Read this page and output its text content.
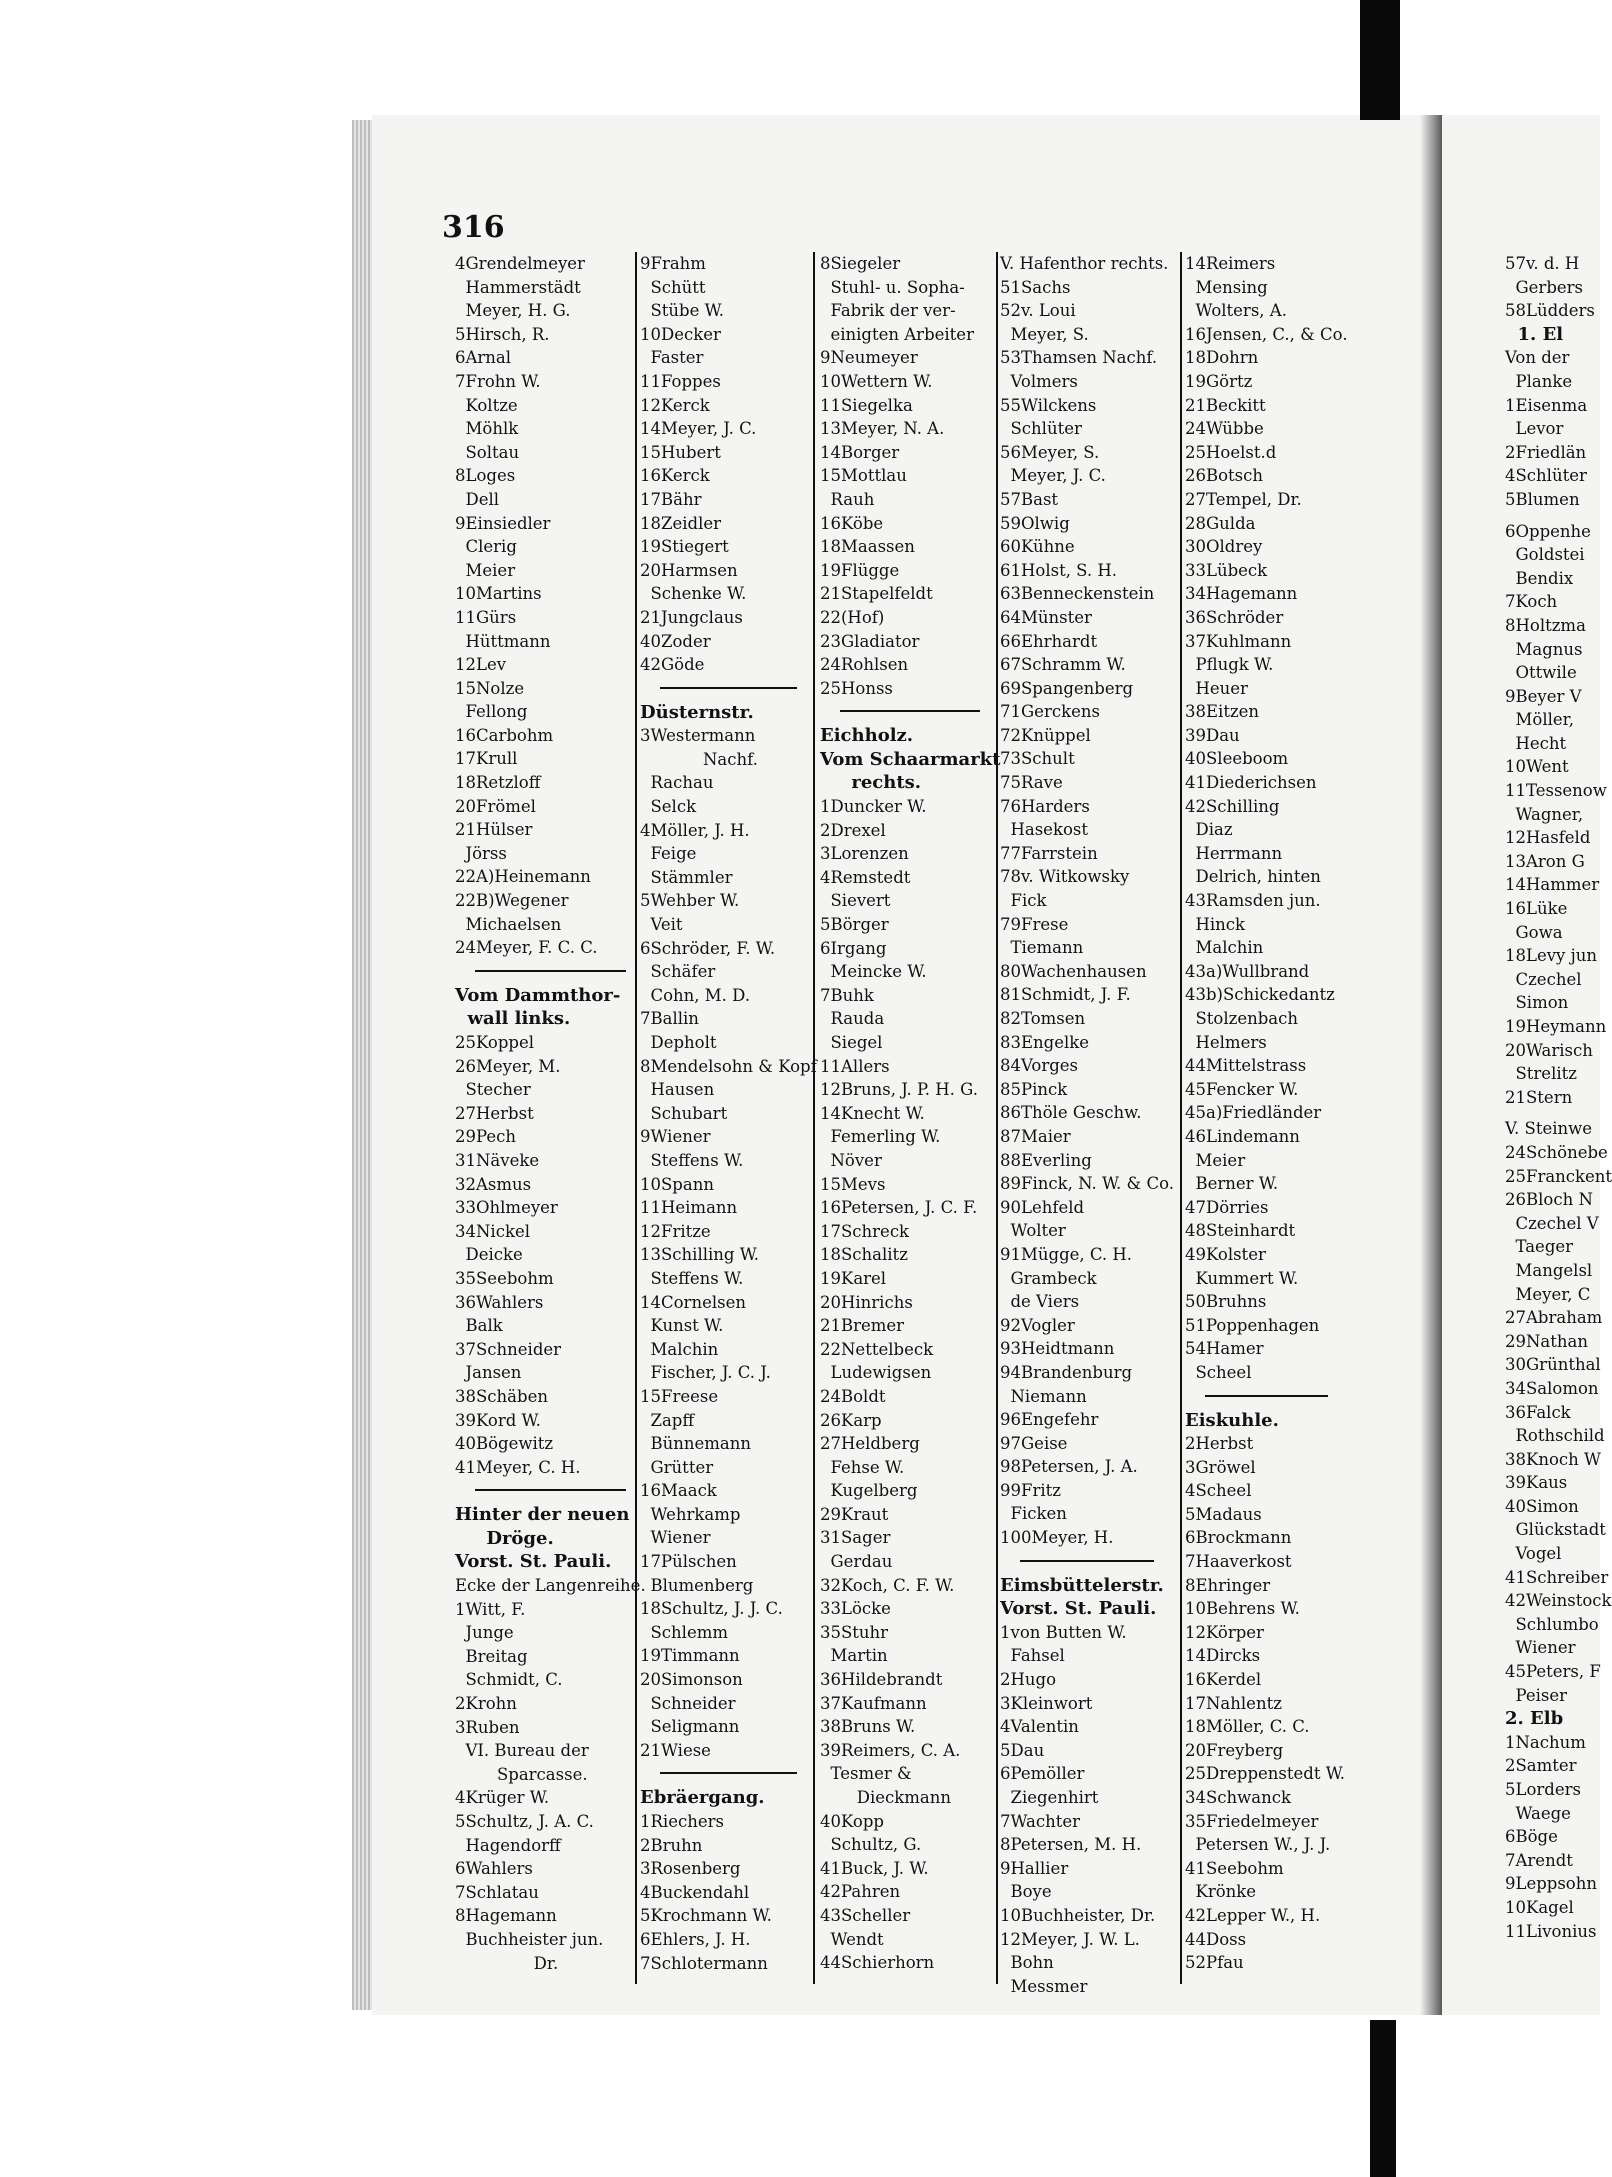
316
4Grendelmeyer
Hammerstädt
Meyer, H. G.
5Hirsch, R.
6Arnal
7Frohn W.
Koltze
Möhlk
Soltau
8Loges
Dell
9Einsiedler
Clerig
Meier
10Martins
11Gürs
Hüttmann
12Lev
15Nolze
Fellong
16Carbohm
17Krull
18Retzloff
20Frömel
21Hülser
Jörss
22A)Heinemann
22B)Wegener
Michaelsen
24Meyer, F. C. C.
Vom Dammthor-
wall links.
25Koppel
26Meyer, M.
Stecher
27Herbst
29Pech
31Näveke
32Asmus
33Ohlmeyer
34Nickel
Deicke
35Seebohm
36Wahlers
Balk
37Schneider
Jansen
38Schäben
39Kord W.
40Bögewitz
41Meyer, C. H.
Hinter der neuen
Dröge.
Vorst. St. Pauli.
Ecke der Langenreihe.
1Witt, F.
Junge
Breitag
Schmidt, C.
2Krohn
3Ruben
VI. Bureau der
Sparcasse.
4Krüger W.
5Schultz, J. A. C.
Hagendorff
6Wahlers
7Schlatau
8Hagemann
Buchheister jun.
Dr.
9Frahm
Schütt
Stübe W.
10Decker
Faster
11Foppes
12Kerck
14Meyer, J. C.
15Hubert
16Kerck
17Bähr
18Zeidler
19Stiegert
20Harmsen
Schenke W.
21Jungclaus
40Zoder
42Göde
Düsternstr.
3Westermann
Nachf.
Rachau
Selck
4Möller, J. H.
Feige
Stämmler
5Wehber W.
Veit
6Schröder, F. W.
Schäfer
Cohn, M. D.
7Ballin
Depholt
8Mendelsohn & Kopf
Hausen
Schubart
9Wiener
Steffens W.
10Spann
11Heimann
12Fritze
13Schilling W.
Steffens W.
14Cornelsen
Kunst W.
Malchin
Fischer, J. C. J.
15Freese
Zapff
Bünnemann
Grütter
16Maack
Wehrkamp
Wiener
17Pülschen
Blumenberg
18Schultz, J. J. C.
Schlemm
19Timmann
20Simonson
Schneider
Seligmann
21Wiese
Ebräergang.
1Riechers
2Bruhn
3Rosenberg
4Buckendahl
5Krochmann W.
6Ehlers, J. H.
7Schlotermann
8Siegeler
Stuhl- u. Sopha-
Fabrik der ver-
einigten Arbeiter
9Neumeyer
10Wettern W.
11Siegelka
13Meyer, N. A.
14Borger
15Mottlau
Rauh
16Köbe
18Maassen
19Flügge
21Stapelfeldt
22(Hof)
23Gladiator
24Rohlsen
25Honss
Eichholz.
Vom Schaarmarkt
rechts.
1Duncker W.
2Drexel
3Lorenzen
4Remstedt
Sievert
5Börger
6Irgang
Meincke W.
7Buhk
Rauda
Siegel
11Allers
12Bruns, J. P. H. G.
14Knecht W.
Femerling W.
Növer
15Mevs
16Petersen, J. C. F.
17Schreck
18Schalitz
19Karel
20Hinrichs
21Bremer
22Nettelbeck
Ludewigsen
24Boldt
26Karp
27Heldberg
Fehse W.
Kugelberg
29Kraut
31Sager
Gerdau
32Koch, C. F. W.
33Löcke
35Stuhr
Martin
36Hildebrandt
37Kaufmann
38Bruns W.
39Reimers, C. A.
Tesmer &
Dieckmann
40Kopp
Schultz, G.
41Buck, J. W.
42Pahren
43Scheller
Wendt
44Schierhorn
V. Hafenthor rechts.
51Sachs
52v. Loui
Meyer, S.
53Thamsen Nachf.
Volmers
55Wilckens
Schlüter
56Meyer, S.
Meyer, J. C.
57Bast
59Olwig
60Kühne
61Holst, S. H.
63Benneckenstein
64Münster
66Ehrhardt
67Schramm W.
69Spangenberg
71Gerckens
72Knüppel
73Schult
75Rave
76Harders
Hasekost
77Farrstein
78v. Witkowsky
Fick
79Frese
Tiemann
80Wachenhausen
81Schmidt, J. F.
82Tomsen
83Engelke
84Vorges
85Pinck
86Thöle Geschw.
87Maier
88Everling
89Finck, N. W. & Co.
90Lehfeld
Wolter
91Mügge, C. H.
Grambeck
de Viers
92Vogler
93Heidtmann
94Brandenburg
Niemann
96Engefehr
97Geise
98Petersen, J. A.
99Fritz
Ficken
100Meyer, H.
Eimsbüttelerstr.
Vorst. St. Pauli.
1von Butten W.
Fahsel
2Hugo
3Kleinwort
4Valentin
5Dau
6Pemöller
Ziegenhirt
7Wachter
8Petersen, M. H.
9Hallier
Boye
10Buchheister, Dr.
12Meyer, J. W. L.
Bohn
Messmer
14Reimers
Mensing
Wolters, A.
16Jensen, C., & Co.
18Dohrn
19Görtz
21Beckitt
24Wübbe
25Hoelst.d
26Botsch
27Tempel, Dr.
28Gulda
30Oldrey
33Lübeck
34Hagemann
36Schröder
37Kuhlmann
Pflugk W.
Heuer
38Eitzen
39Dau
40Sleeboom
41Diederichsen
42Schilling
Diaz
Herrmann
Delrich, hinten
43Ramsden jun.
Hinck
Malchin
43a)Wullbrand
43b)Schickedantz
Stolzenbach
Helmers
44Mittelstrass
45Fencker W.
45a)Friedländer
46Lindemann
Meier
Berner W.
47Dörries
48Steinhardt
49Kolster
Kummert W.
50Bruhns
51Poppenhagen
54Hamer
Scheel
Eiskuhle.
2Herbst
3Gröwel
4Scheel
5Madaus
6Brockmann
7Haaverkost
8Ehringer
10Behrens W.
12Körper
14Dircks
16Kerdel
17Nahlentz
18Möller, C. C.
20Freyberg
25Dreppenstedt W.
34Schwanck
35Friedelmeyer
Petersen W., J. J.
41Seebohm
Krönke
42Lepper W., H.
44Doss
52Pfau
57v. d. H
Gerbers
58Lüdders
1. El
Von der
Planke
1Eisenma
Levor
2Friedlän
4Schlüter
5Blumen
6Oppenhe
Goldstei
Bendix
7Koch
8Holtzma
Magnus
Ottwile
9Beyer V
Möller,
Hecht
10Went
11Tessenow
Wagner,
12Hasfeld
13Aron G
14Hammer
16Lüke
Gowa
18Levy jun
Czechel
Simon
19Heymann
20Warisch
Strelitz
21Stern
V. Steinwe
24Schönebe
25Franckent
26Bloch N
Czechel V
Taeger
Mangelsl
Meyer, C
27Abraham
29Nathan
30Grünthal
34Salomon
36Falck
Rothschild
38Knoch W
39Kaus
40Simon
Glückstadt
Vogel
41Schreiber
42Weinstock
Schlumbo
Wiener
45Peters, F
Peiser
2. Elb
1Nachum
2Samter
5Lorders
Waege
6Böge
7Arendt
9Leppsohn
10Kagel
11Livonius
